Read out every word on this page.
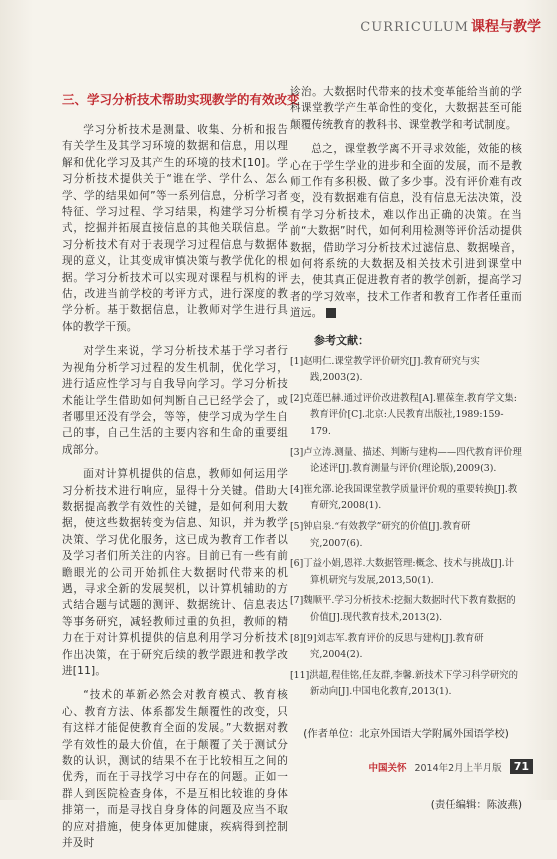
CURRICULUM 课程与教学
三、学习分析技术帮助实现教学的有效改变

学习分析技术是测量、收集、分析和报告有关学生及其学习环境的数据和信息，用以理解和优化学习及其产生的环境的技术[10]。学习分析技术提供关于“谁在学、学什么、怎么学、学的结果如何”等一系列信息，分析学习者特征、学习过程、学习结果，构建学习分析模式，挖掘并拓展直接信息的其他关联信息。学习分析技术有对于表现学习过程信息与数据体现的意义，让其变成审慎决策与教学优化的根据。学习分析技术可以实现对课程与机构的评估，改进当前学校的考评方式，进行深度的教学分析。基于数据信息，让教师对学生进行具体的教学干预。

对学生来说，学习分析技术基于学习者行为视角分析学习过程的发生机制，优化学习，进行适应性学习与自我导向学习。学习分析技术能让学生借助如何判断自己已经学会了，或者哪里还没有学会，等等，使学习成为学生自己的事，自己生活的主要内容和生命的重要组成部分。

面对计算机提供的信息，教师如何运用学习分析技术进行响应，显得十分关键。借助大数据提高教学有效性的关键，是如何利用大数据，使这些数据转变为信息、知识，并为教学决策、学习优化服务，这已成为教育工作者以及学习者们所关注的内容。目前已有一些有前瞻眼光的公司开始抓住大数据时代带来的机遇，寻求全新的发展契机，以计算机辅助的方式结合题与试题的测评、数据统计、信息表达等事务研究，减轻教师过重的负担，教师的精力在于对计算机提供的信息利用学习分析技术作出决策，在于研究后续的教学跟进和教学改进[11]。

“技术的革新必然会对教育模式、教育核心、教育方法、体系都发生颠覆性的改变，只有这样才能促使教育全面的发展。”大数据对教学有效性的最大价值，在于颠覆了关于测试分数的认识，测试的结果不在于比较相互之间的优秀，而在于寻找学习中存在的问题。正如一群人到医院检查身体，不是互相比较谁的身体排第一，而是寻找自身身体的问题及应当不取的应对措施，使身体更加健康，疾病得到控制并及时

诊治。大数据时代带来的技术变革能给当前的学科课堂教学产生革命性的变化，大数据甚至可能颠覆传统教育的教科书、课堂教学和考试制度。

总之，课堂教学离不开寻求效能，效能的核心在于学生学业的进步和全面的发展，而不是教师工作有多积极、做了多少事。没有评价难有改变，没有数据难有信息，没有信息无法决策，没有学习分析技术，难以作出正确的决策。在当前“大数据”时代，如何利用检测等评价活动提供数据，借助学习分析技术过滤信息、数据噪音，如何将系统的大数据及相关技术引进到课堂中去，使其真正促进教育者的教学创新，提高学习者的学习效率，技术工作者和教育工作者任重而道远。

参考文献：
[1]赵明仁.课堂教学评价研究[J].教育研究与实践,2003(2).
[2]克莲巴赫.通过评价改进教程[A].瞿葆奎.教育学文集:教育评价[C].北京:人民教育出版社,1989:159-179.
[3]卢立涛.测量、描述、判断与建构——四代教育评价理论述评[J].教育测量与评价(理论版),2009(3).
[4]崔允漷.论我国课堂教学质量评价观的重要转换[J].教育研究,2008(1).
[5]钟启泉.“有效教学”研究的价值[J].教育研究,2007(6).
[6]丁益小娟,恩祥.大数据管理:概念、技术与挑战[J].计算机研究与发展,2013,50(1).
[7]魏顺平.学习分析技术:挖掘大数据时代下教育数据的价值[J].现代教育技术,2013(2).
[8][9]刘志军.教育评价的反思与建构[J].教育研究,2004(2).
[11]洪超,程佳铭,任友群,李馨.新技术下学习科学研究的新动向[J].中国电化教育,2013(1).
(作者单位：北京外国语大学附属外国语学校)
(责任编辑：陈波燕)
中国关怀 2014年2月上半月版	71
